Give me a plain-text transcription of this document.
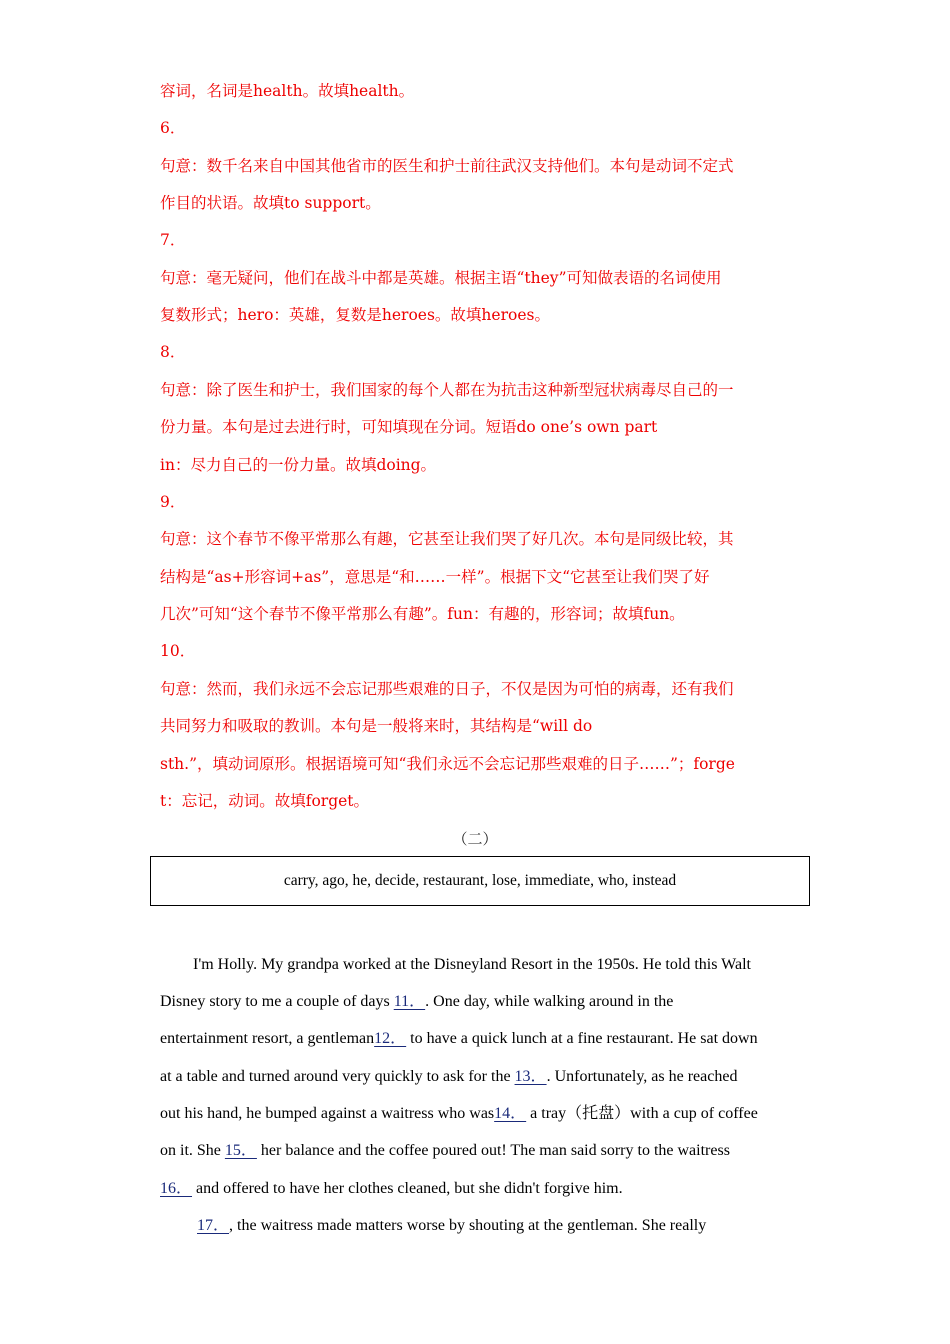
容词，名词是health。故填health。
6．
句意：数千名来自中国其他省市的医生和护士前往武汉支持他们。本句是动词不定式
作目的状语。故填to support。
7．
句意：毫无疑问，他们在战斗中都是英雄。根据主语“they”可知做表语的名词使用
复数形式；hero：英雄，复数是heroes。故填heroes。
8．
句意：除了医生和护士，我们国家的每个人都在为抗击这种新型冠状病毒尽自己的一
份力量。本句是过去进行时，可知填现在分词。短语do one’s own part
in：尽力自己的一份力量。故填doing。
9．
句意：这个春节不像平常那么有趣，它甚至让我们哭了好几次。本句是同级比较，其
结构是“as+形容词+as”，意思是“和……一样”。根据下文“它甚至让我们哭了好
几次”可知“这个春节不像平常那么有趣”。fun：有趣的，形容词；故填fun。
10．
句意：然而，我们永远不会忘记那些艰难的日子，不仅是因为可怕的病毒，还有我们
共同努力和吸取的教训。本句是一般将来时，其结构是“will do
sth.”，填动词原形。根据语境可知“我们永远不会忘记那些艰难的日子……”；forge
t：忘记，动词。故填forget。
（二）
carry, ago, he, decide, restaurant, lose, immediate, who, instead
I'm Holly. My grandpa worked at the Disneyland Resort in the 1950s. He told this Walt
Disney story to me a couple of days 11．. One day, while walking around in the
entertainment resort, a gentleman12． to have a quick lunch at a fine restaurant. He sat down
at a table and turned around very quickly to ask for the 13．. Unfortunately, as he reached
out his hand, he bumped against a waitress who was14． a tray（托盘）with a cup of coffee
on it. She 15． her balance and the coffee poured out! The man said sorry to the waitress
16． and offered to have her clothes cleaned, but she didn't forgive him.
17．, the waitress made matters worse by shouting at the gentleman. She really
